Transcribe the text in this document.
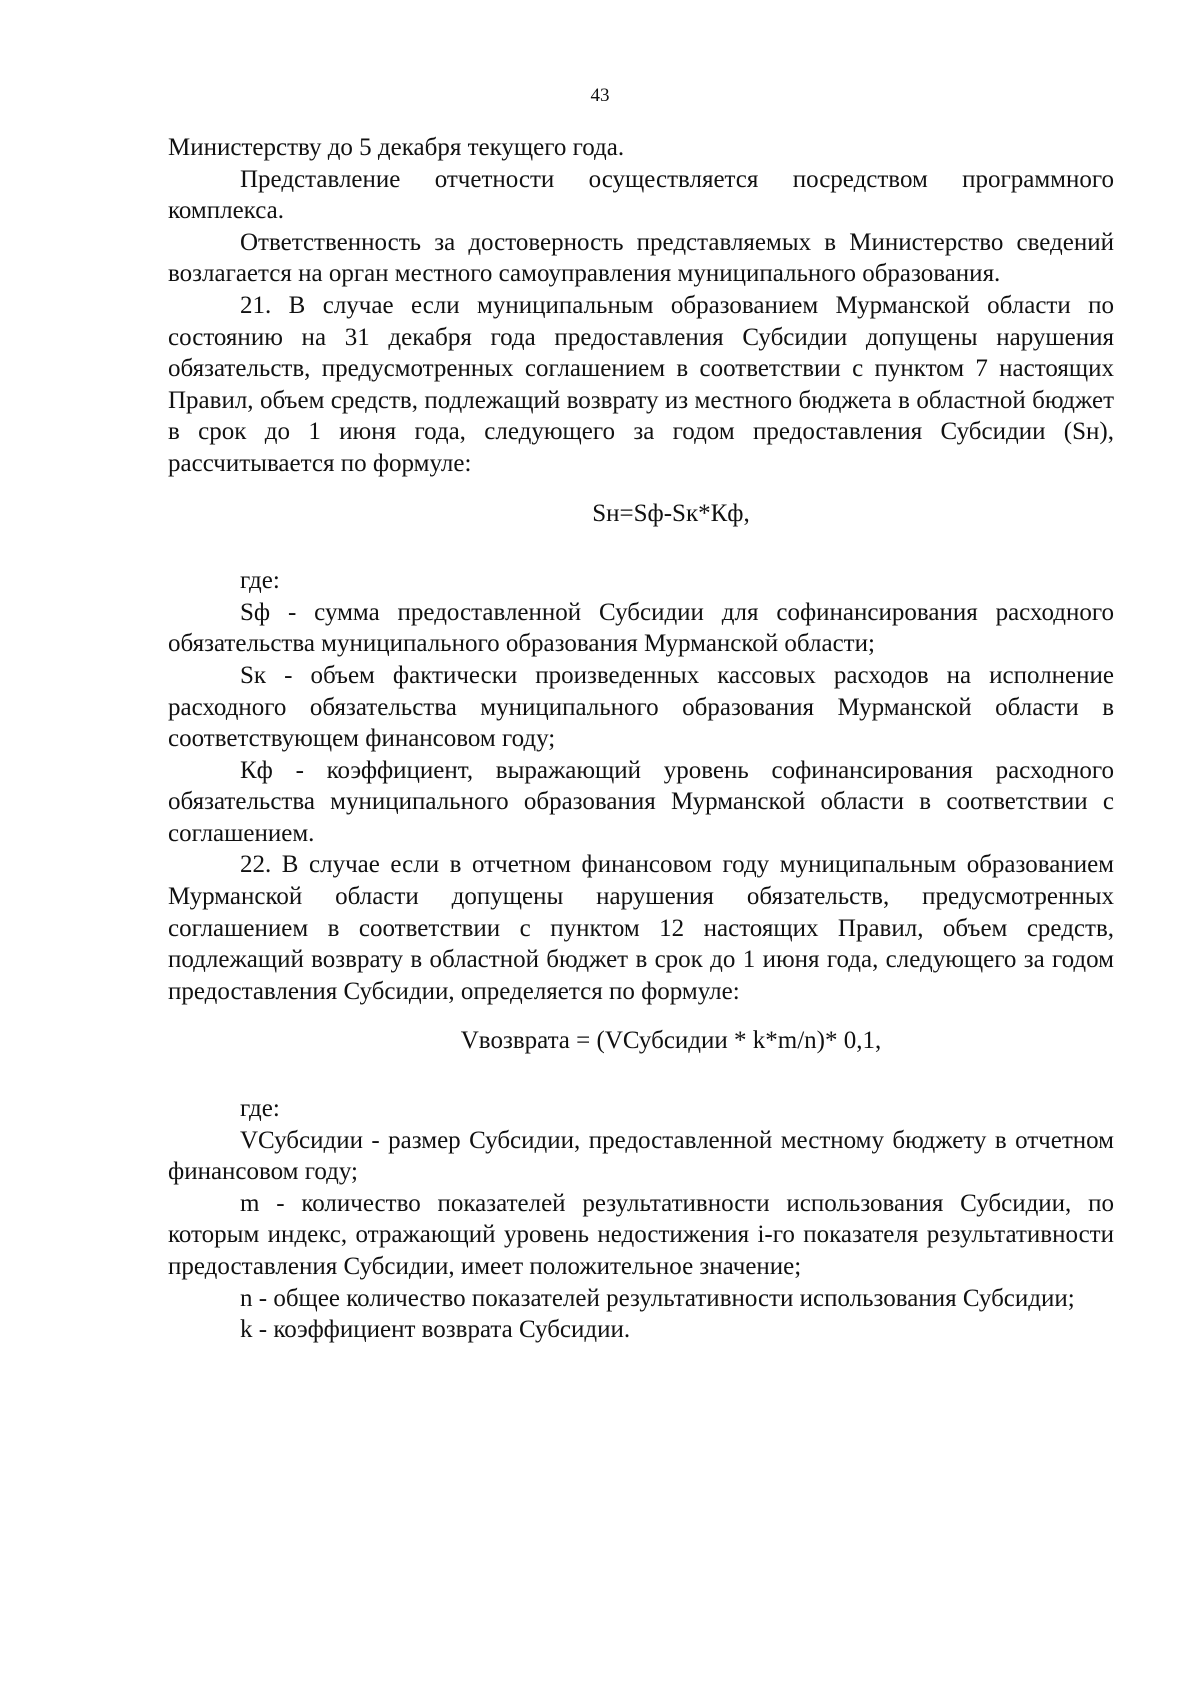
43

Министерству до 5 декабря текущего года.

Представление отчетности осуществляется посредством программного комплекса.

Ответственность за достоверность представляемых в Министерство сведений возлагается на орган местного самоуправления муниципального образования.

21. В случае если муниципальным образованием Мурманской области по состоянию на 31 декабря года предоставления Субсидии допущены нарушения обязательств, предусмотренных соглашением в соответствии с пунктом 7 настоящих Правил, объем средств, подлежащий возврату из местного бюджета в областной бюджет в срок до 1 июня года, следующего за годом предоставления Субсидии (Sн), рассчитывается по формуле:

Sн=Sф-Sк*Кф,

где:

Sф - сумма предоставленной Субсидии для софинансирования расходного обязательства муниципального образования Мурманской области;

Sк - объем фактически произведенных кассовых расходов на исполнение расходного обязательства муниципального образования Мурманской области в соответствующем финансовом году;

Кф - коэффициент, выражающий уровень софинансирования расходного обязательства муниципального образования Мурманской области в соответствии с соглашением.

22. В случае если в отчетном финансовом году муниципальным образованием Мурманской области допущены нарушения обязательств, предусмотренных соглашением в соответствии с пунктом 12 настоящих Правил, объем средств, подлежащий возврату в областной бюджет в срок до 1 июня года, следующего за годом предоставления Субсидии, определяется по формуле:

Vвозврата = (VСубсидии * k*m/n)* 0,1,

где:

VСубсидии - размер Субсидии, предоставленной местному бюджету в отчетном финансовом году;

m - количество показателей результативности использования Субсидии, по которым индекс, отражающий уровень недостижения i-го показателя результативности предоставления Субсидии, имеет положительное значение;

n - общее количество показателей результативности использования Субсидии;

k - коэффициент возврата Субсидии.
